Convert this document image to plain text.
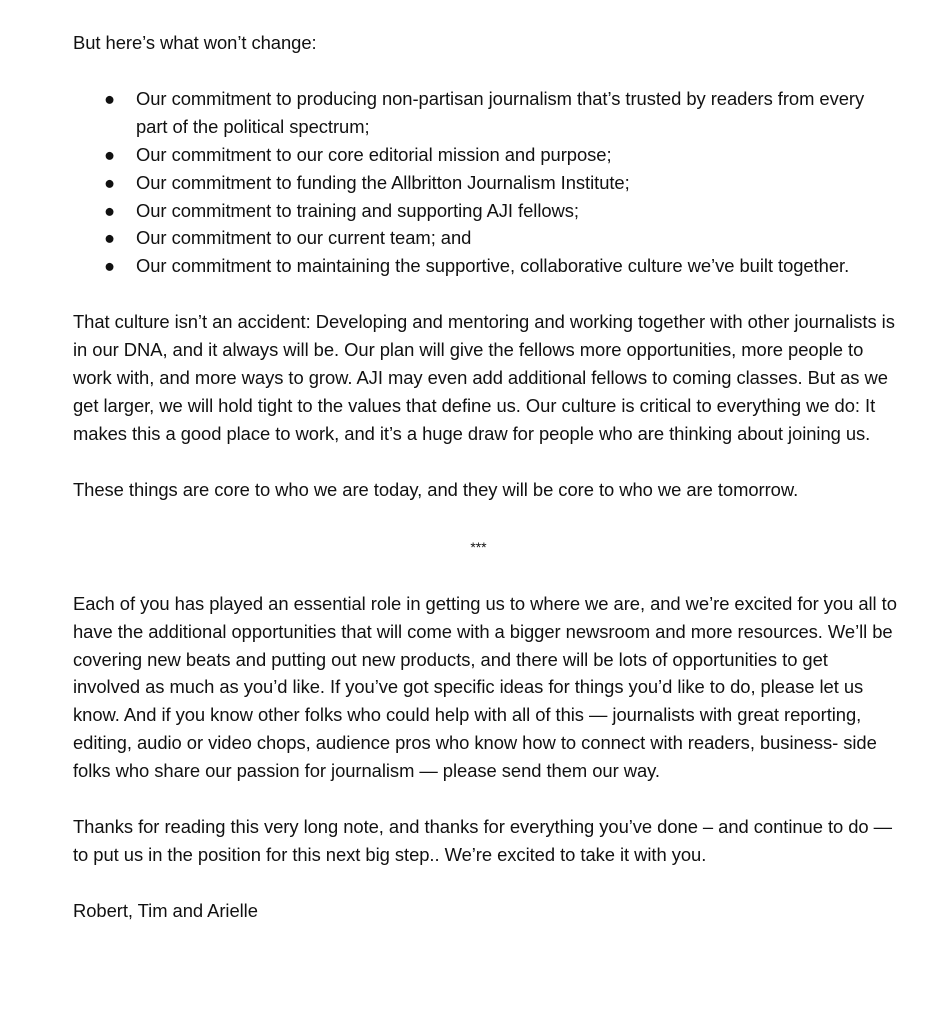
But here’s what won’t change:

●	Our commitment to producing non-partisan journalism that’s trusted by readers from every part of the political spectrum;
●	Our commitment to our core editorial mission and purpose;
●	Our commitment to funding the Allbritton Journalism Institute;
●	Our commitment to training and supporting AJI fellows;
●	Our commitment to our current team; and
●	Our commitment to maintaining the supportive, collaborative culture we’ve built together.

That culture isn’t an accident: Developing and mentoring and working together with other journalists is in our DNA, and it always will be. Our plan will give the fellows more opportunities, more people to work with, and more ways to grow. AJI may even add additional fellows to coming classes. But as we get larger, we will hold tight to the values that define us. Our culture is critical to everything we do: It makes this a good place to work, and it’s a huge draw for people who are thinking about joining us.

These things are core to who we are today, and they will be core to who we are tomorrow.

***

Each of you has played an essential role in getting us to where we are, and we’re excited for you all to have the additional opportunities that will come with a bigger newsroom and more resources. We’ll be covering new beats and putting out new products, and there will be lots of opportunities to get involved as much as you’d like. If you’ve got specific ideas for things you’d like to do, please let us know. And if you know other folks who could help with all of this — journalists with great reporting, editing, audio or video chops, audience pros who know how to connect with readers, business- side folks who share our passion for journalism — please send them our way.

Thanks for reading this very long note, and thanks for everything you’ve done – and continue to do — to put us in the position for this next big step.. We’re excited to take it with you.

Robert, Tim and Arielle
